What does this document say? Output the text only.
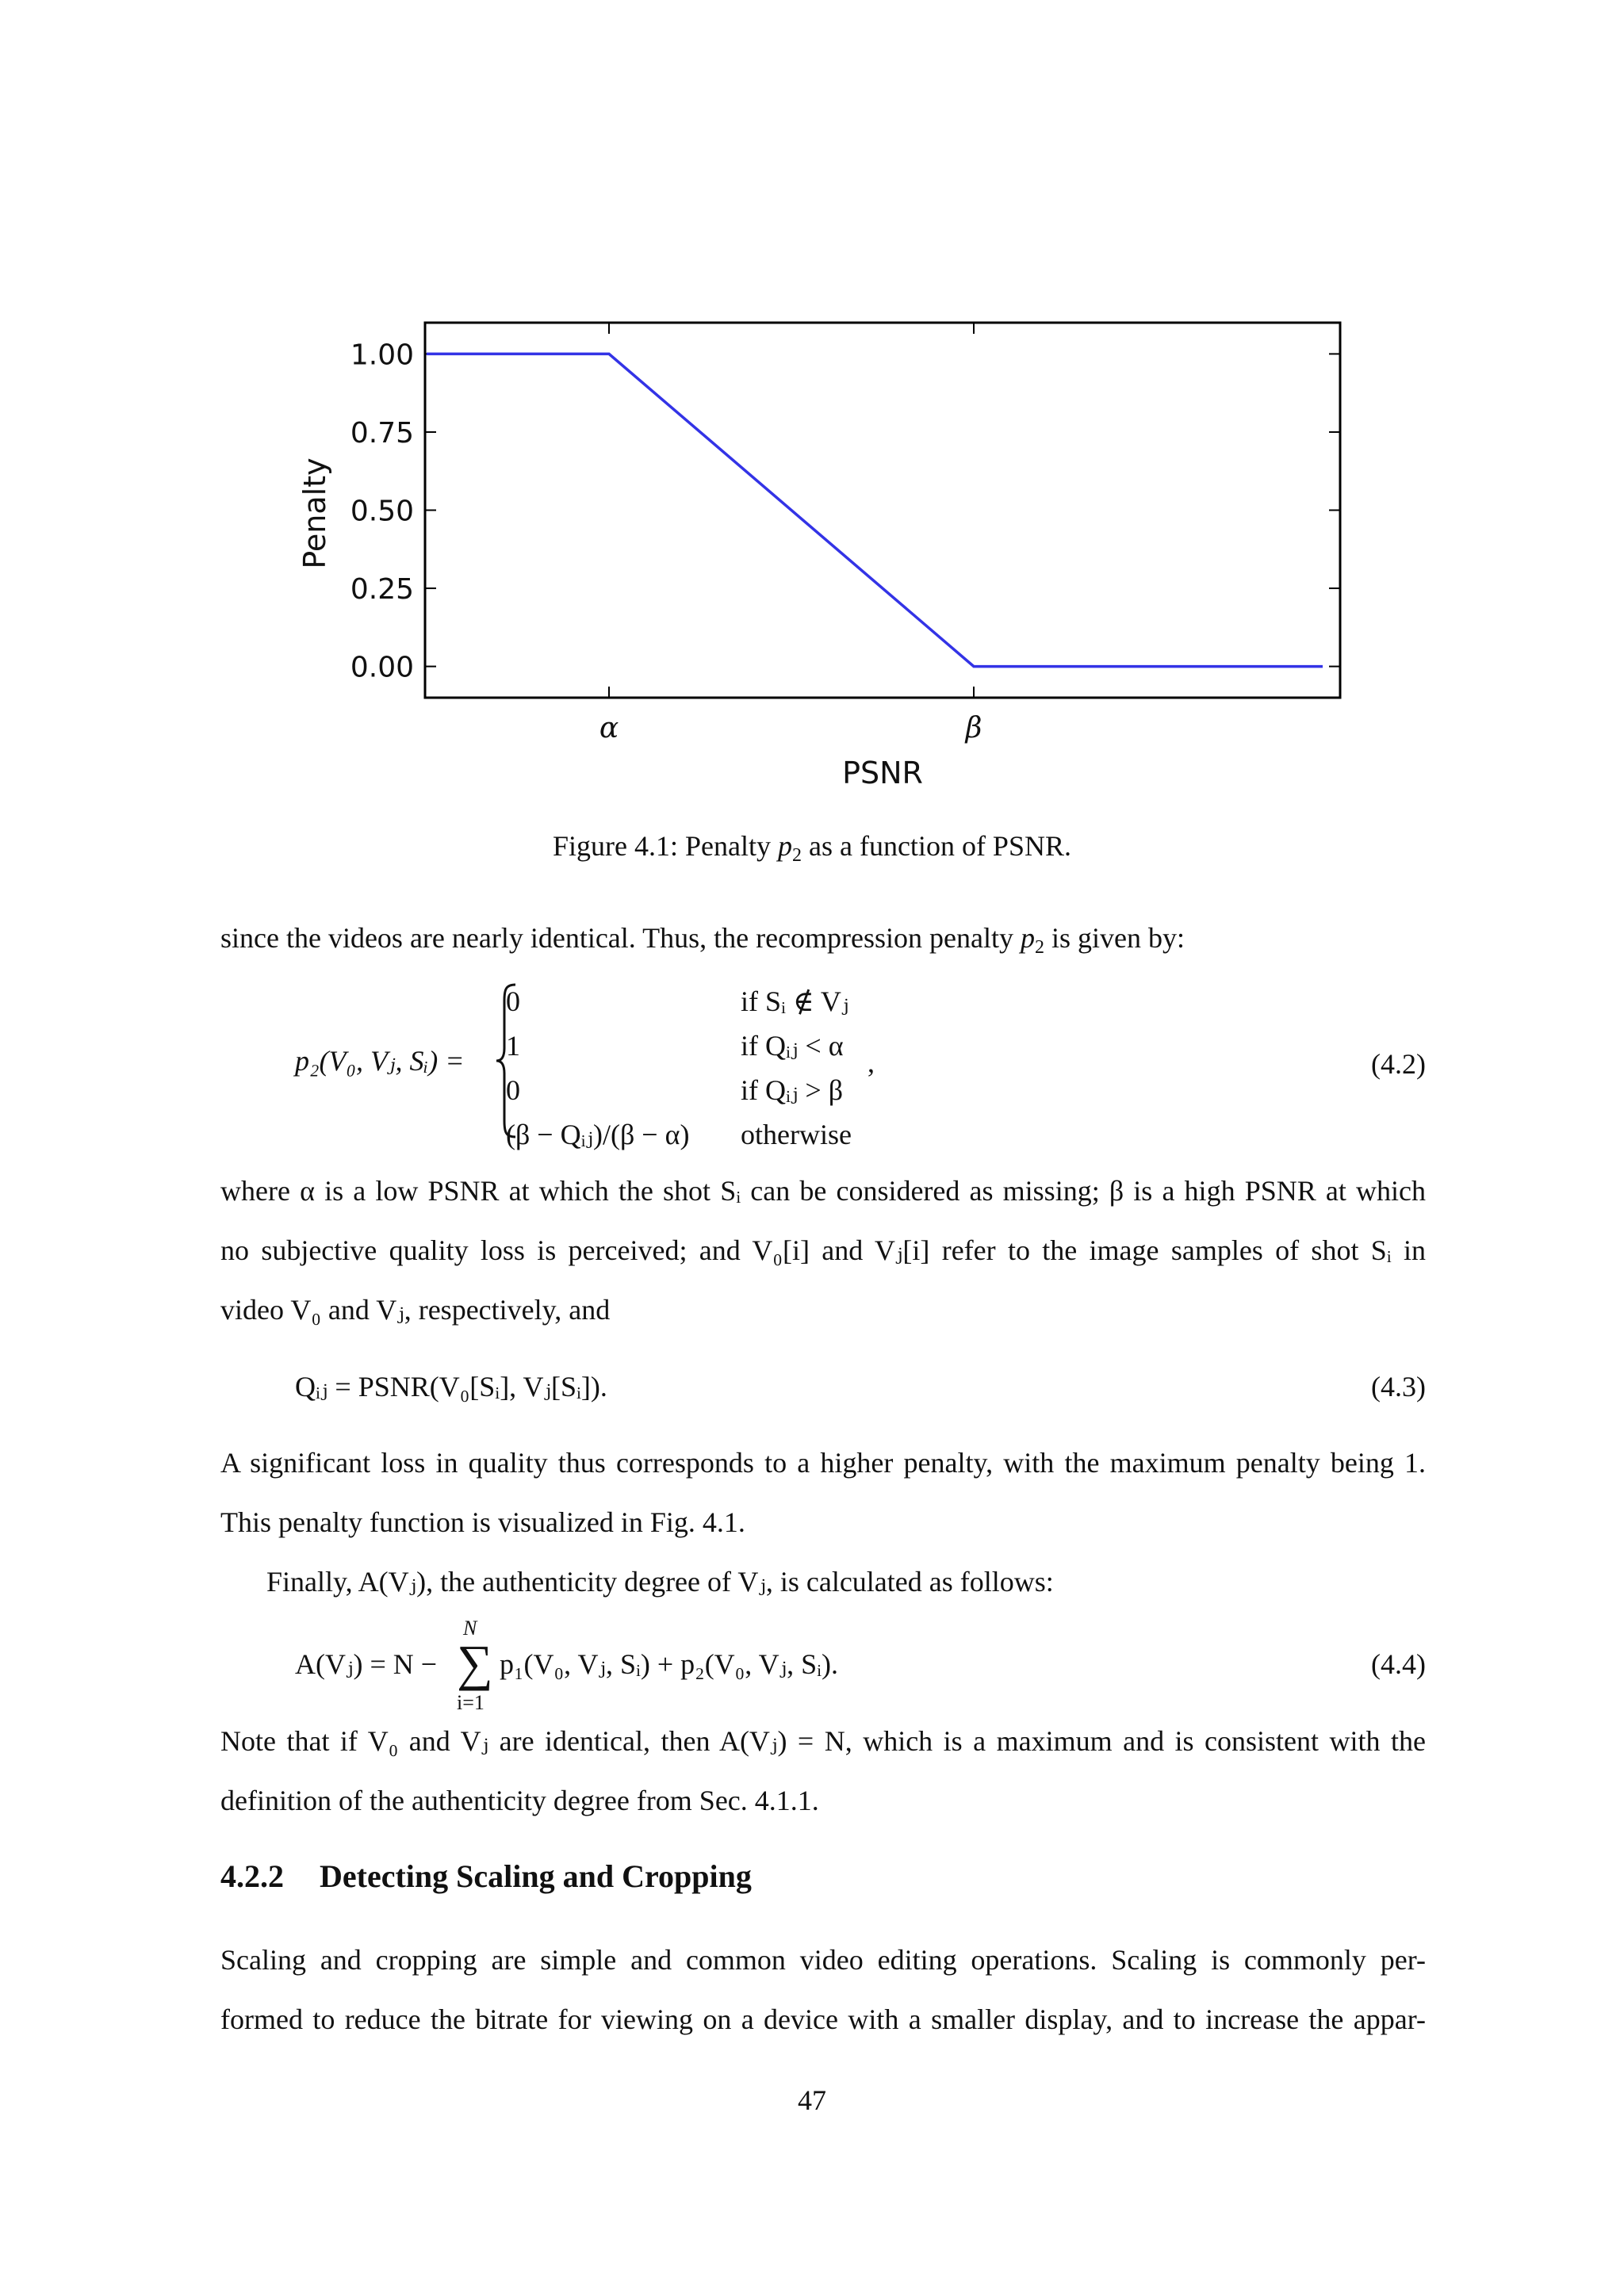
1.00
0.75
0.50
0.25
0.00
α	β
PSNR
Penalty
Figure 4.1: Penalty $p_2$ as a function of PSNR.
since the videos are nearly identical. Thus, the recompression penalty $p_2$ is given by:
p₂(V₀, Vⱼ, Sᵢ) =
0	if Sᵢ ∉ Vⱼ
1	if Qᵢⱼ < α
0	if Qᵢⱼ > β
(β − Qᵢⱼ)/(β − α) otherwise
,	(4.2)
where α is a low PSNR at which the shot Sᵢ can be considered as missing; β is a high PSNR at which
no subjective quality loss is perceived; and V₀[i] and Vⱼ[i] refer to the image samples of shot Sᵢ in
video V₀ and Vⱼ, respectively, and
Qᵢⱼ = PSNR(V₀[Sᵢ], Vⱼ[Sᵢ]).	(4.3)
A significant loss in quality thus corresponds to a higher penalty, with the maximum penalty being 1.
This penalty function is visualized in Fig. 4.1.
Finally, A(Vⱼ), the authenticity degree of Vⱼ, is calculated as follows:
A(Vⱼ) = N −
N
∑
i=1
p₁(V₀, Vⱼ, Sᵢ) + p₂(V₀, Vⱼ, Sᵢ).	(4.4)
Note that if V₀ and Vⱼ are identical, then A(Vⱼ) = N, which is a maximum and is consistent with the
definition of the authenticity degree from Sec. 4.1.1.
4.2.2 Detecting Scaling and Cropping
Scaling and cropping are simple and common video editing operations. Scaling is commonly per-
formed to reduce the bitrate for viewing on a device with a smaller display, and to increase the appar-
47
